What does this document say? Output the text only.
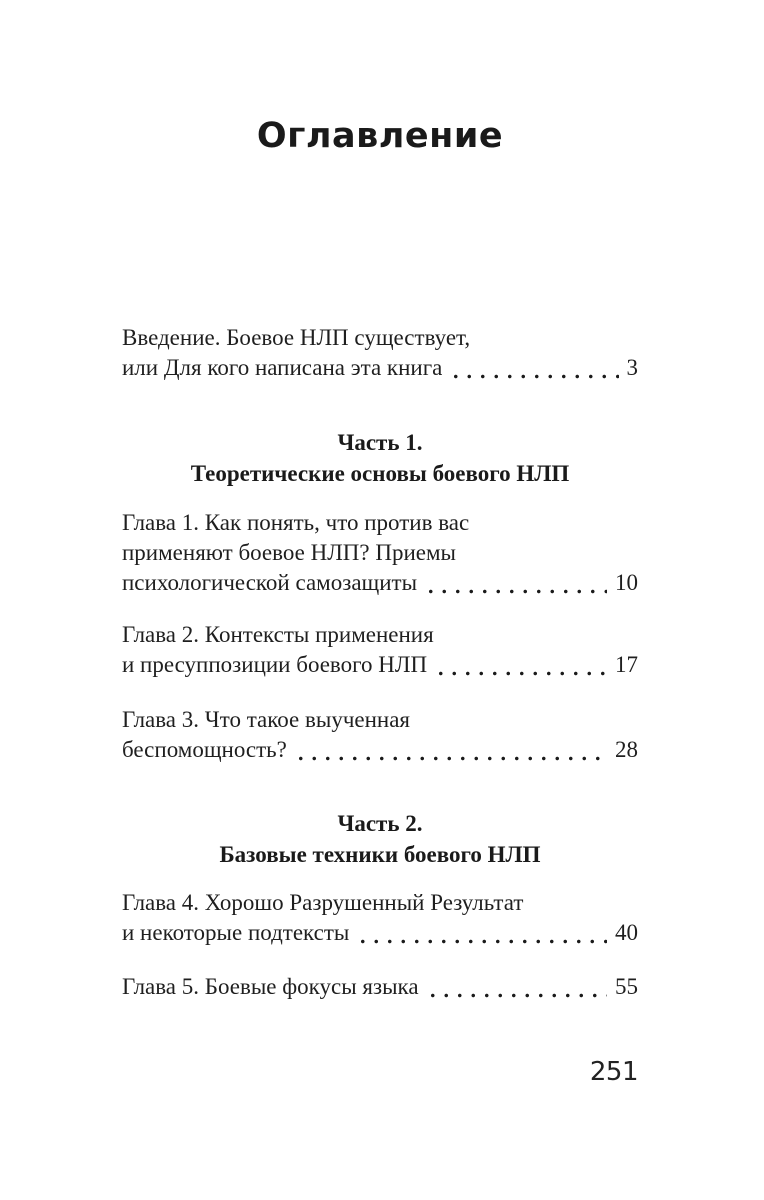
Оглавление
Введение. Боевое НЛП существует,
или Для кого написана эта книга	3
Часть 1.
Теоретические основы боевого НЛП
Глава 1. Как понять, что против вас
применяют боевое НЛП? Приемы
психологической самозащиты	10
Глава 2. Контексты применения
и пресуппозиции боевого НЛП	17
Глава 3. Что такое выученная
беспомощность?	28
Часть 2.
Базовые техники боевого НЛП
Глава 4. Хорошо Разрушенный Результат
и некоторые подтексты	40
Глава 5. Боевые фокусы языка	55
251
